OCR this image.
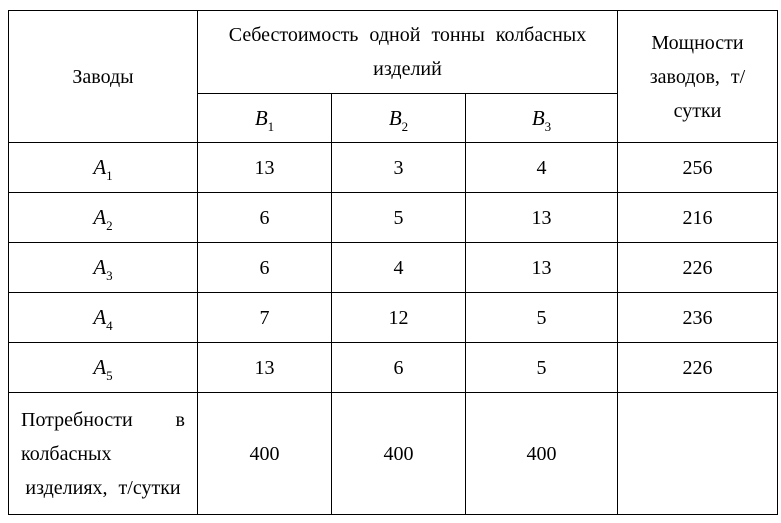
Заводы	Себестоимость одной тонны колбасных изделий			Мощности заводов, т/сутки
	$B_1$	$B_2$	$B_3$
$A_1$	13	3	4	256
$A_2$	6	5	13	216
$A_3$	6	4	13	226
$A_4$	7	12	5	236
$A_5$	13	6	5	226
Потребности в колбасных изделиях, т/сутки	400	400	400	
